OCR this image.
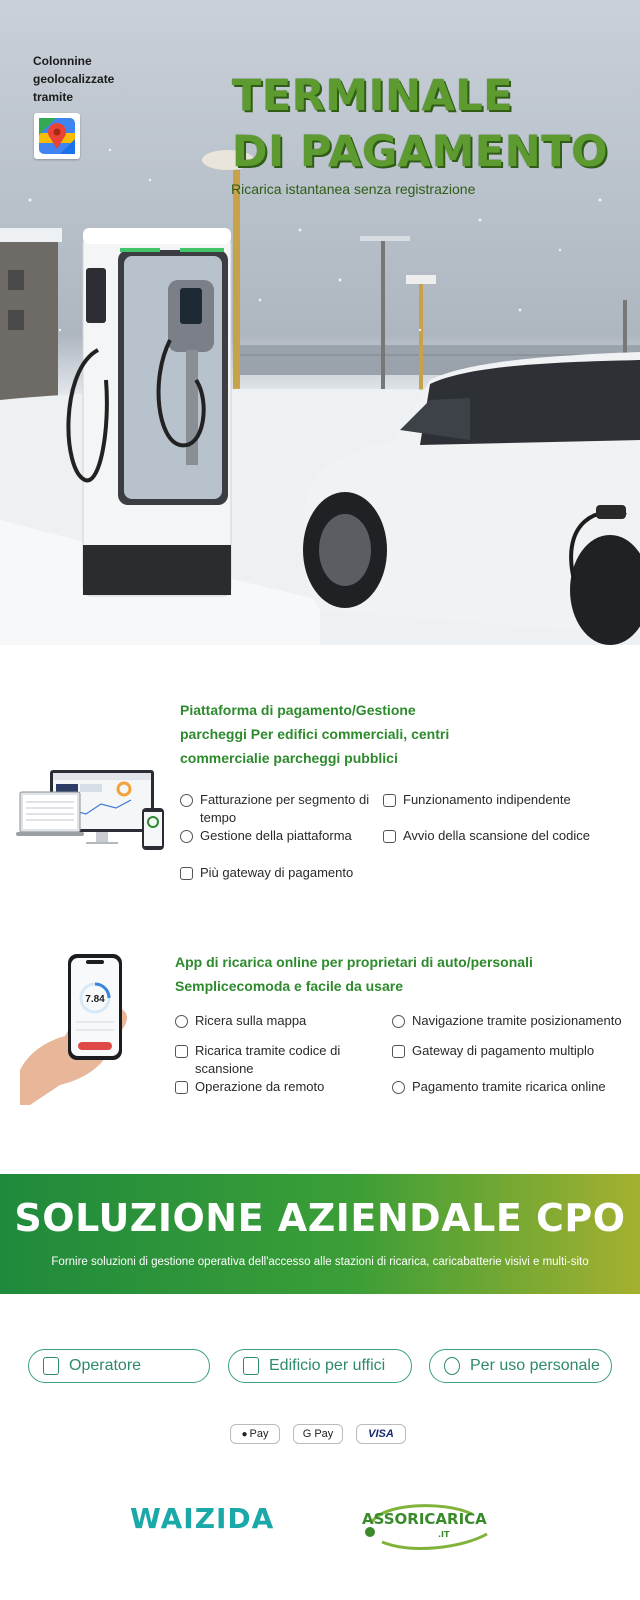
Colonnine geolocalizzate tramite	TERMINALE
DI PAGAMENTO
Ricarica istantanea senza registrazione
Piattaforma di pagamento/Gestione parcheggi Per edifici commerciali, centri commercialie parcheggi pubblici
Fatturazione per segmento di tempo
Funzionamento indipendente
Gestione della piattaforma	Avvio della scansione del codice
Più gateway di pagamento
7.84
App di ricarica online per proprietari di auto/personali Semplicecomoda e facile da usare
Ricera sulla mappa	Navigazione tramite posizionamento
Ricarica tramite codice di scansione
Gateway di pagamento multiplo
Operazione da remoto	Pagamento tramite ricarica online
SOLUZIONE AZIENDALE CPO
Fornire soluzioni di gestione operativa dell'accesso alle stazioni di ricarica, caricabatterie visivi e multi-sito
Operatore	Edificio per uffici	Per uso personale
● Pay	G Pay	VISA
WAIZIDA	ASSORICARICA
.IT
